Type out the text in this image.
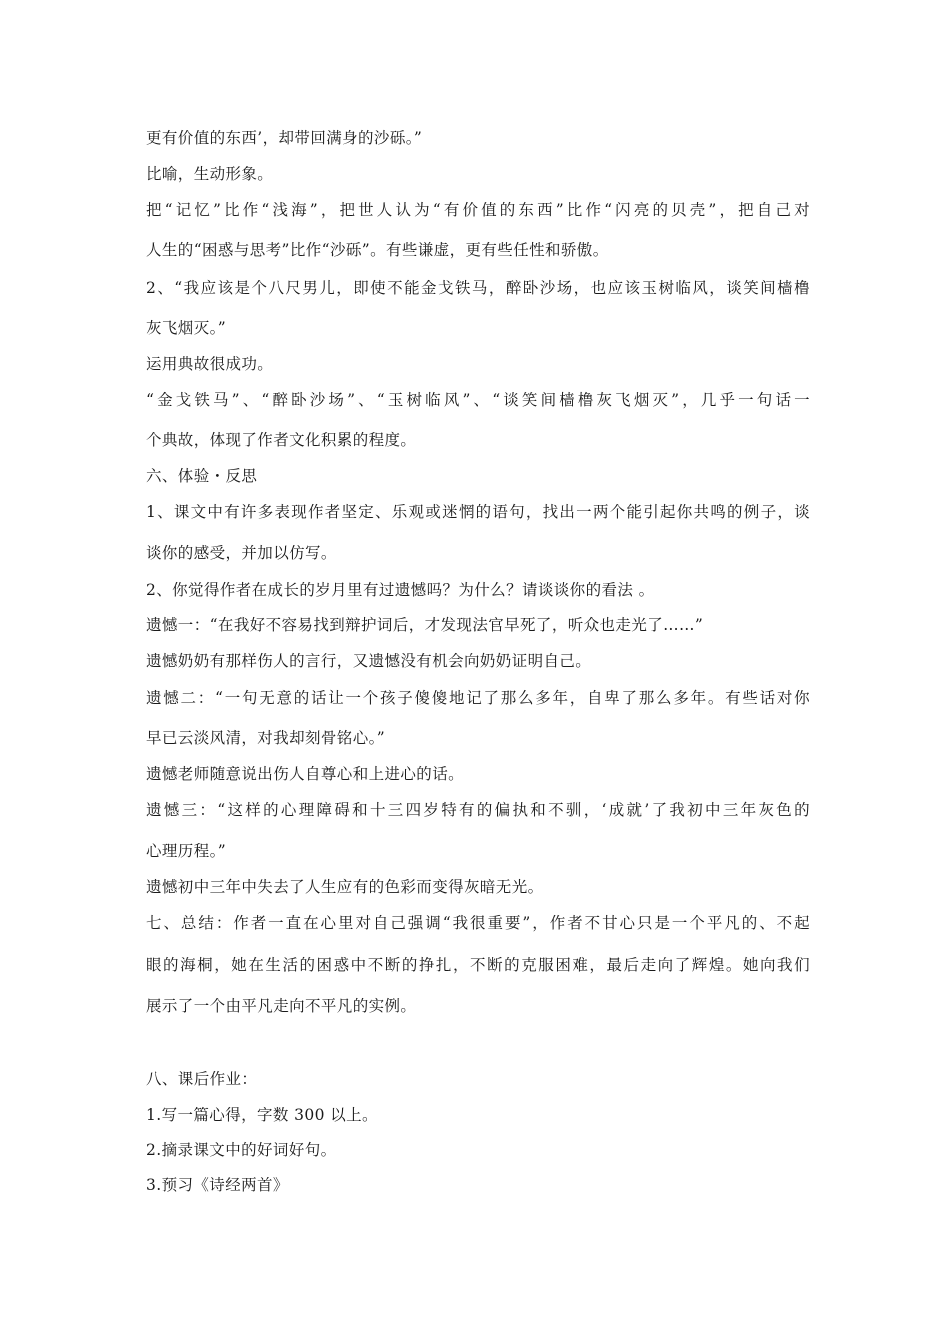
更有价值的东西’，却带回满身的沙砾。”
比喻，生动形象。
把“记忆”比作“浅海”，把世人认为“有价值的东西”比作“闪亮的贝壳”，把自己对
人生的“困惑与思考”比作“沙砾”。有些谦虚，更有些任性和骄傲。
2、“我应该是个八尺男儿，即使不能金戈铁马，醉卧沙场，也应该玉树临风，谈笑间樯橹
灰飞烟灭。”
运用典故很成功。
“金戈铁马”、“醉卧沙场”、“玉树临风”、“谈笑间樯橹灰飞烟灭”，几乎一句话一
个典故，体现了作者文化积累的程度。
六、体验・反思
1、课文中有许多表现作者坚定、乐观或迷惘的语句，找出一两个能引起你共鸣的例子，谈
谈你的感受，并加以仿写。
2、你觉得作者在成长的岁月里有过遗憾吗？为什么？请谈谈你的看法 。
遗憾一：“在我好不容易找到辩护词后，才发现法官早死了，听众也走光了……”
遗憾奶奶有那样伤人的言行，又遗憾没有机会向奶奶证明自己。
遗憾二：“一句无意的话让一个孩子傻傻地记了那么多年，自卑了那么多年。有些话对你
早已云淡风清，对我却刻骨铭心。”
遗憾老师随意说出伤人自尊心和上进心的话。
遗憾三：“这样的心理障碍和十三四岁特有的偏执和不驯，‘成就’了我初中三年灰色的
心理历程。”
遗憾初中三年中失去了人生应有的色彩而变得灰暗无光。
七、总结：作者一直在心里对自己强调“我很重要”，作者不甘心只是一个平凡的、不起
眼的海桐，她在生活的困惑中不断的挣扎，不断的克服困难，最后走向了辉煌。她向我们
展示了一个由平凡走向不平凡的实例。
八、课后作业：
1.写一篇心得，字数 300 以上。
2.摘录课文中的好词好句。
3.预习《诗经两首》
